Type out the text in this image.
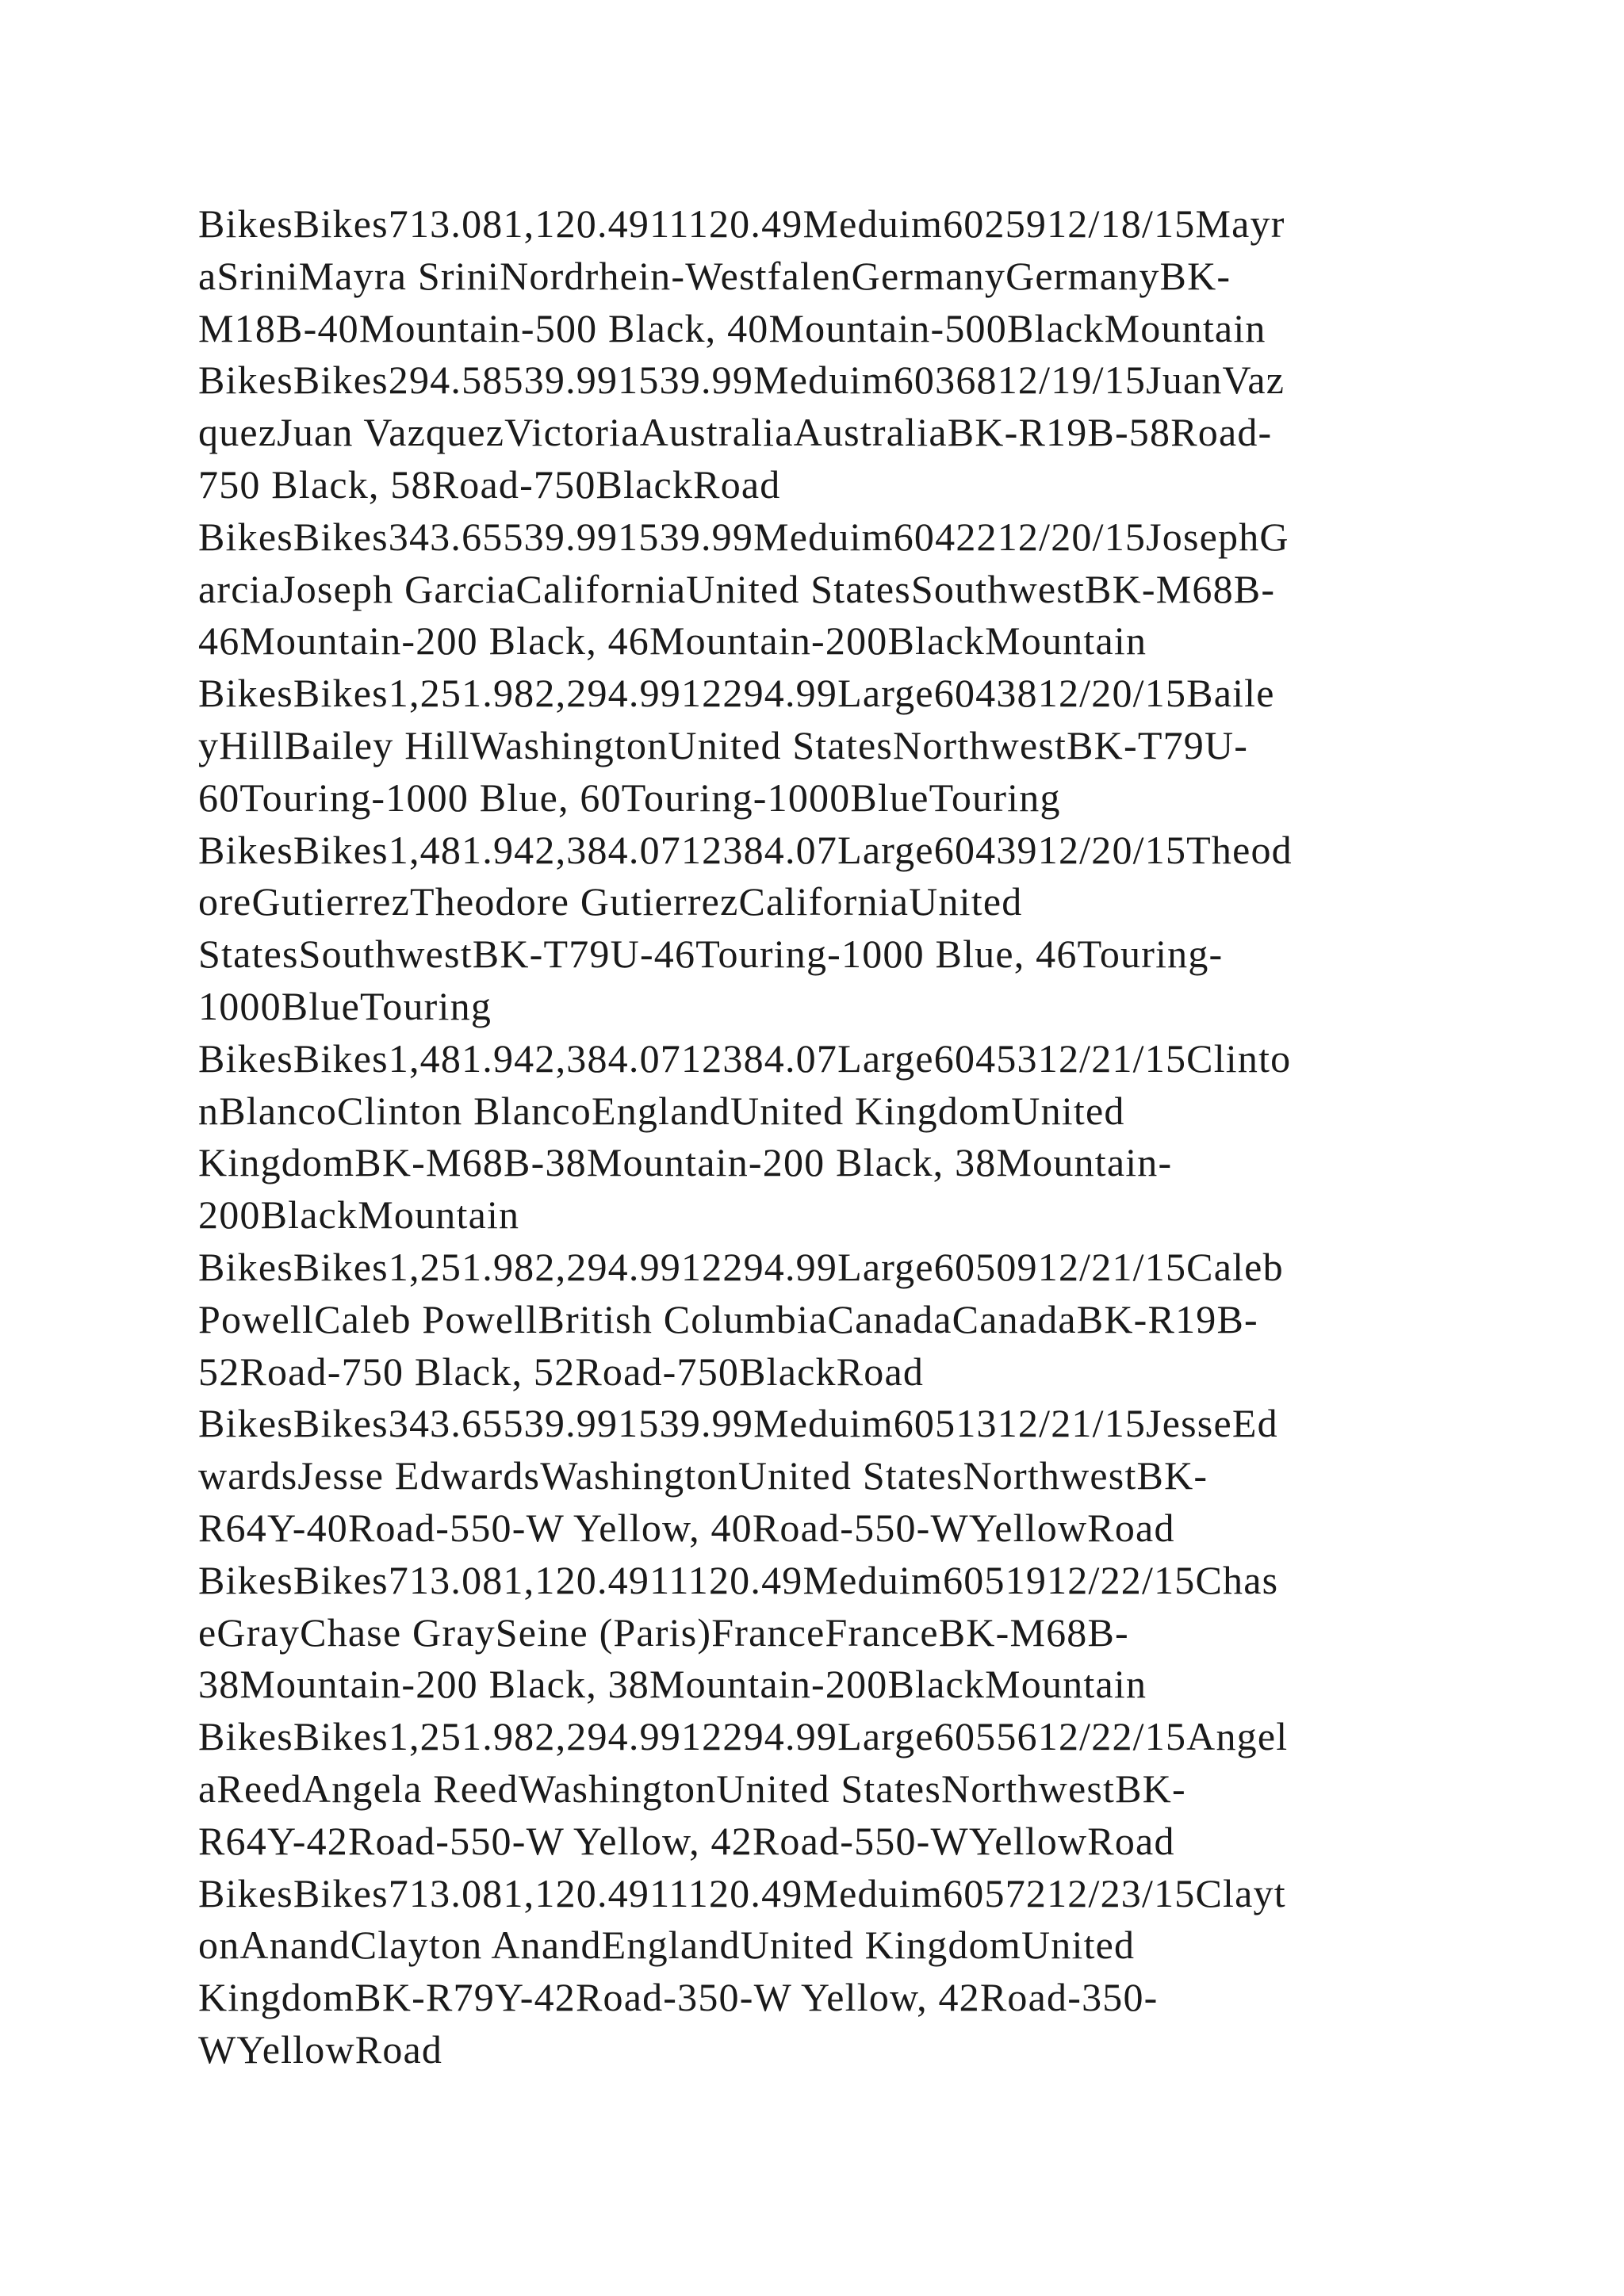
BikesBikes713.081,120.4911120.49Meduim6025912/18/15Mayr
aSriniMayra SriniNordrhein-WestfalenGermanyGermanyBK-
M18B-40Mountain-500 Black, 40Mountain-500BlackMountain
BikesBikes294.58539.991539.99Meduim6036812/19/15JuanVaz
quezJuan VazquezVictoriaAustraliaAustraliaBK-R19B-58Road-
750 Black, 58Road-750BlackRoad
BikesBikes343.65539.991539.99Meduim6042212/20/15JosephG
arciaJoseph GarciaCaliforniaUnited StatesSouthwestBK-M68B-
46Mountain-200 Black, 46Mountain-200BlackMountain
BikesBikes1,251.982,294.9912294.99Large6043812/20/15Baile
yHillBailey HillWashingtonUnited StatesNorthwestBK-T79U-
60Touring-1000 Blue, 60Touring-1000BlueTouring
BikesBikes1,481.942,384.0712384.07Large6043912/20/15Theod
oreGutierrezTheodore GutierrezCaliforniaUnited
StatesSouthwestBK-T79U-46Touring-1000 Blue, 46Touring-
1000BlueTouring
BikesBikes1,481.942,384.0712384.07Large6045312/21/15Clinto
nBlancoClinton BlancoEnglandUnited KingdomUnited
KingdomBK-M68B-38Mountain-200 Black, 38Mountain-
200BlackMountain
BikesBikes1,251.982,294.9912294.99Large6050912/21/15Caleb
PowellCaleb PowellBritish ColumbiaCanadaCanadaBK-R19B-
52Road-750 Black, 52Road-750BlackRoad
BikesBikes343.65539.991539.99Meduim6051312/21/15JesseEd
wardsJesse EdwardsWashingtonUnited StatesNorthwestBK-
R64Y-40Road-550-W Yellow, 40Road-550-WYellowRoad
BikesBikes713.081,120.4911120.49Meduim6051912/22/15Chas
eGrayChase GraySeine (Paris)FranceFranceBK-M68B-
38Mountain-200 Black, 38Mountain-200BlackMountain
BikesBikes1,251.982,294.9912294.99Large6055612/22/15Angel
aReedAngela ReedWashingtonUnited StatesNorthwestBK-
R64Y-42Road-550-W Yellow, 42Road-550-WYellowRoad
BikesBikes713.081,120.4911120.49Meduim6057212/23/15Clayt
onAnandClayton AnandEnglandUnited KingdomUnited
KingdomBK-R79Y-42Road-350-W Yellow, 42Road-350-
WYellowRoad
